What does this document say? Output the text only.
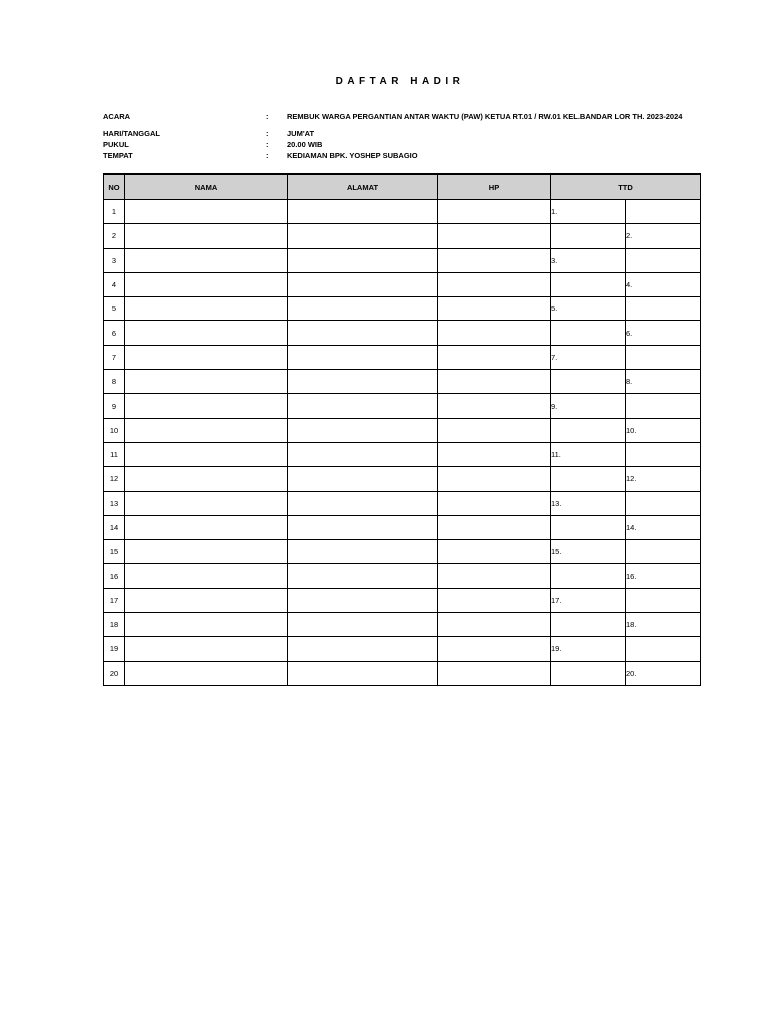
DAFTAR HADIR
ACARA	: REMBUK WARGA PERGANTIAN ANTAR WAKTU (PAW) KETUA RT.01 / RW.01 KEL.BANDAR LOR TH. 2023-2024
HARI/TANGGAL	: JUM'AT
PUKUL	: 20.00 WIB
TEMPAT	: KEDIAMAN BPK. YOSHEP SUBAGIO
NO	NAMA	ALAMAT	HP	TTD	
1				1.	
2					2.
3				3.	
4					4.
5				5.	
6					6.
7				7.	
8					8.
9				9.	
10					10.
11				11.	
12					12.
13				13.	
14					14.
15				15.	
16					16.
17				17.	
18					18.
19				19.	
20					20.
